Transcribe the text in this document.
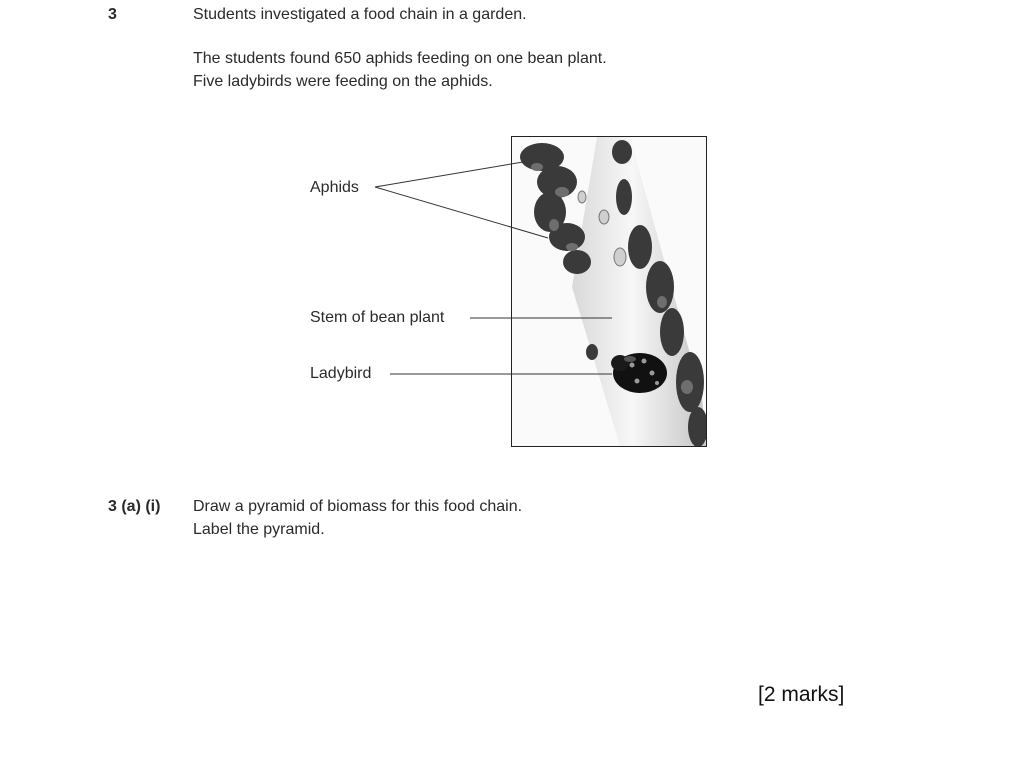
3	Students investigated a food chain in a garden.
The students found 650 aphids feeding on one bean plant.
Five ladybirds were feeding on the aphids.
Aphids
Stem of bean plant
Ladybird
3 (a) (i) Draw a pyramid of biomass for this food chain.
Label the pyramid.
[2 marks]
